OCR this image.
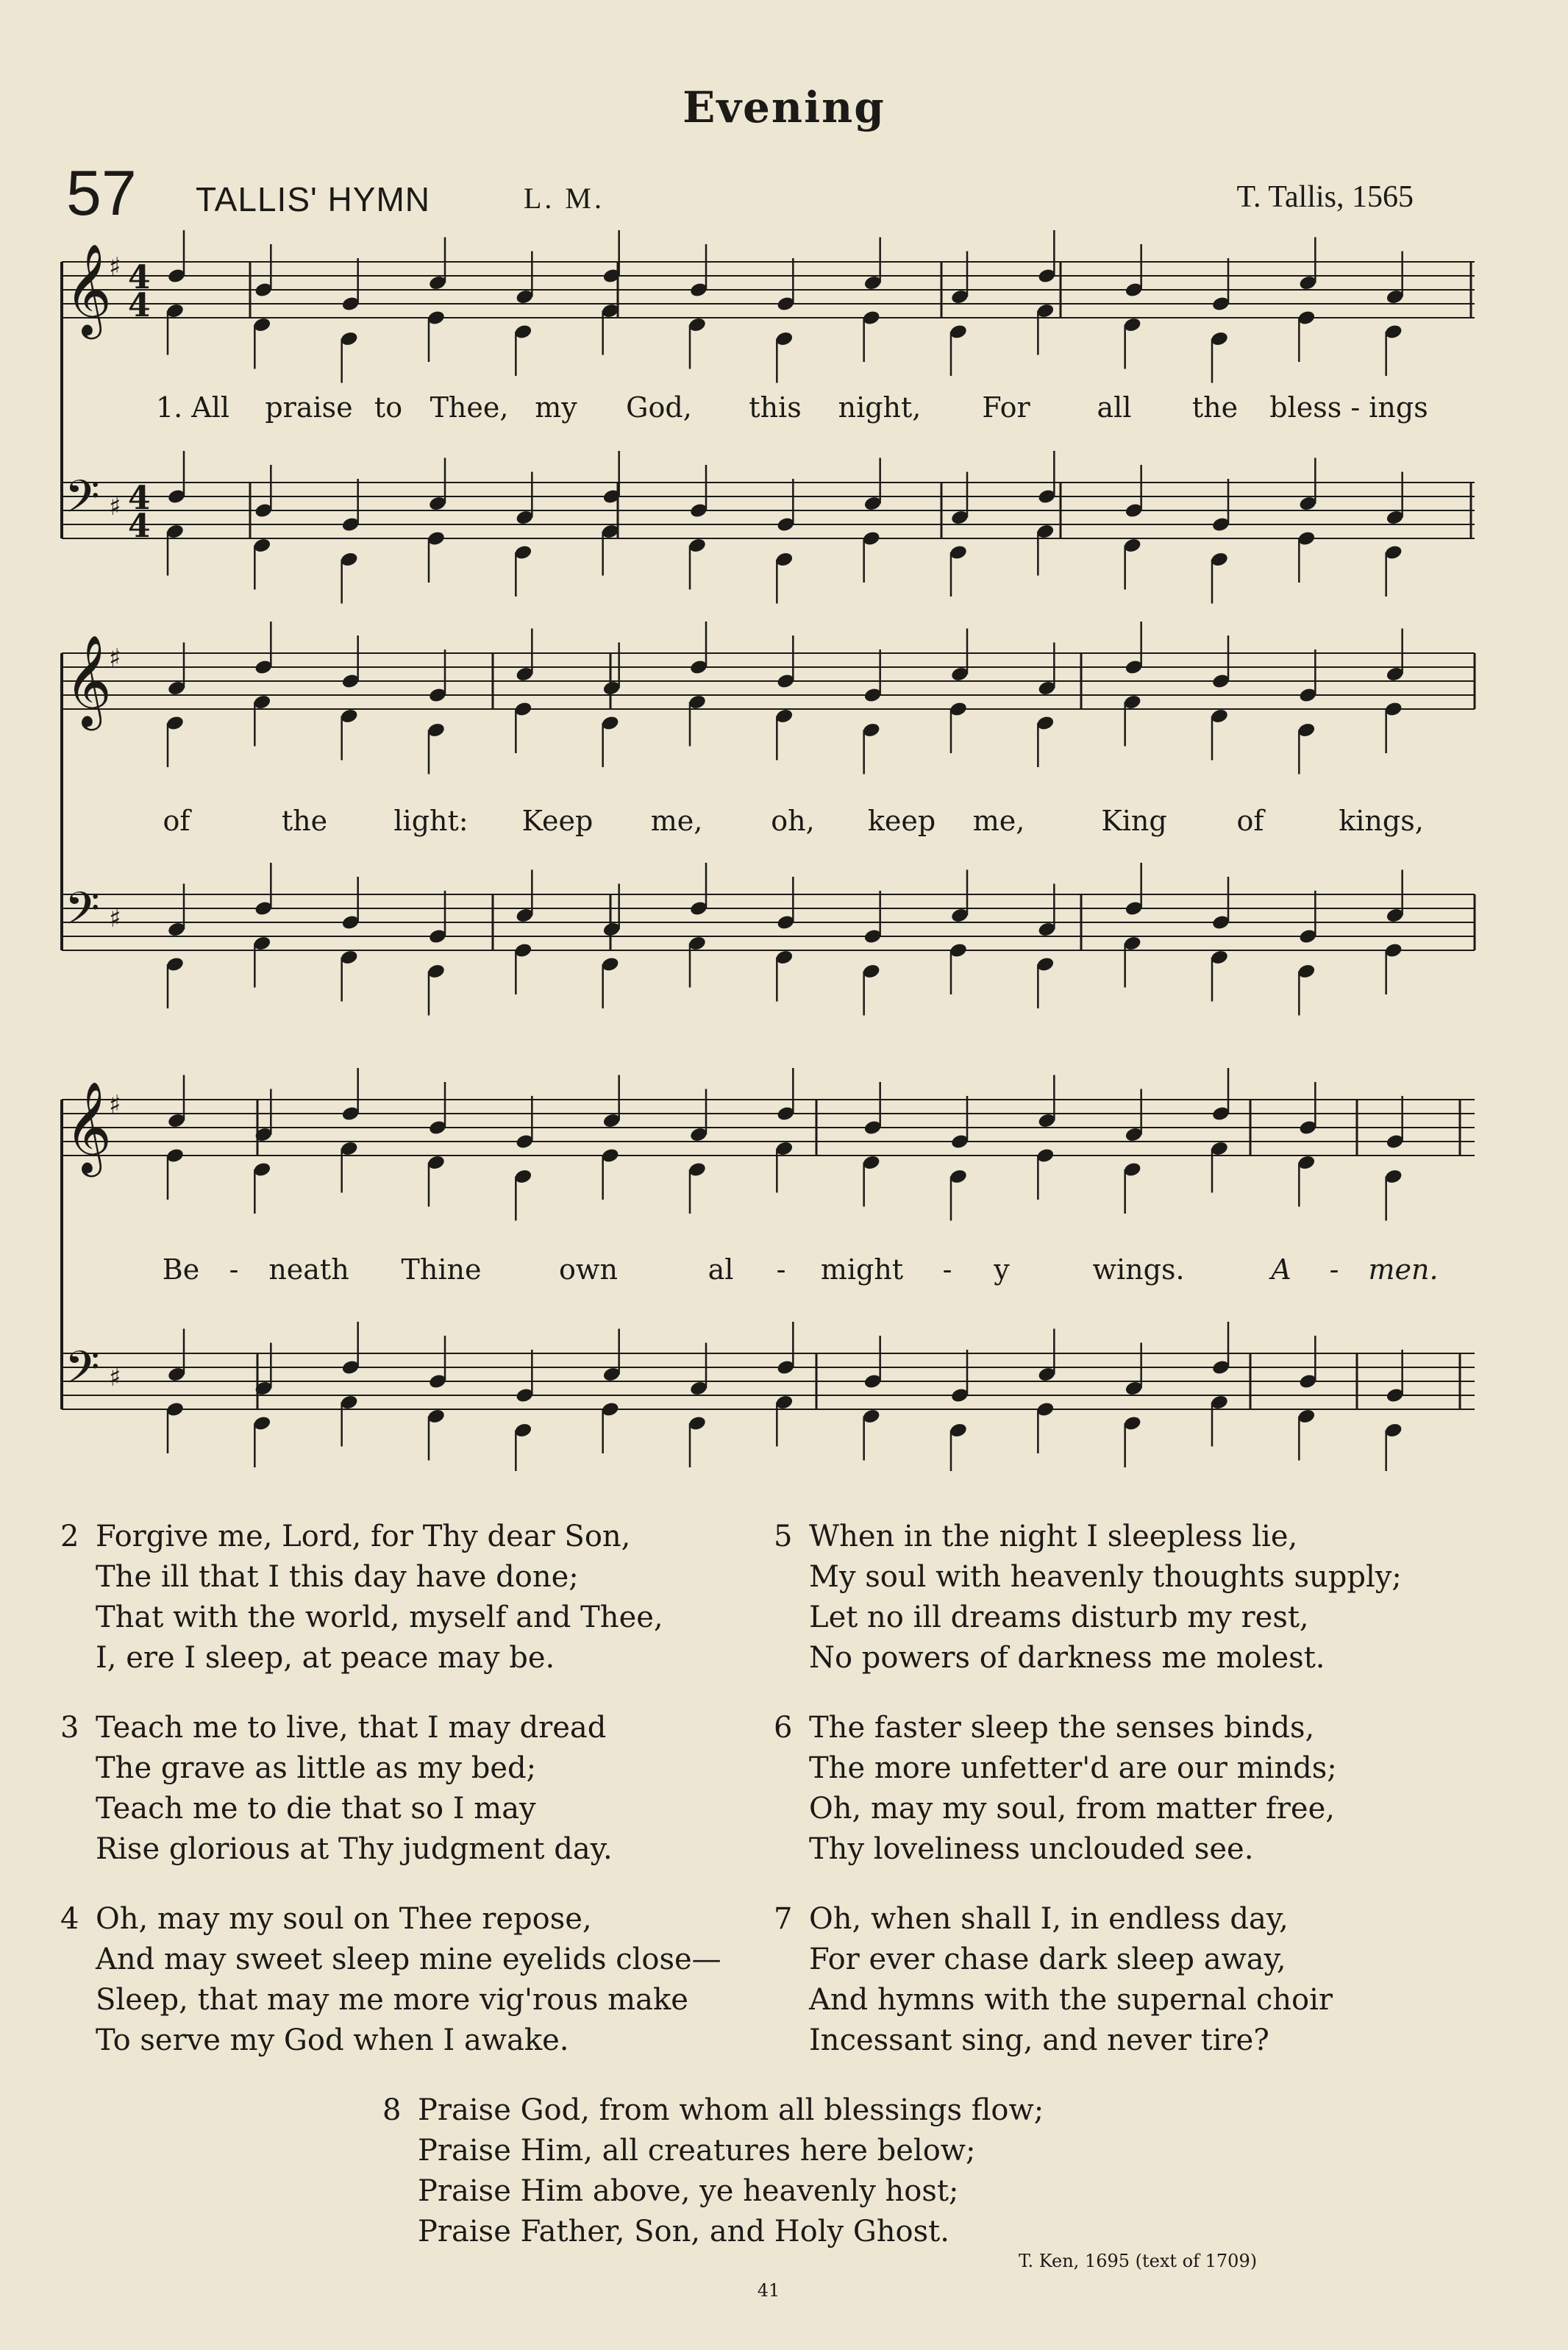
Evening
57 TALLIS' HYMN	L. M.	T. Tallis, 1565
𝄞
♯ 4
4
𝄢 ♯ 4
4
𝄞
♯
𝄢 ♯
𝄞
♯
𝄢 ♯
1. All praise to Thee, my God, this night, For all the bless - ings
of	the light: Keep me, oh, keep me,	King of	kings,
Be - neath Thine	own	al - might - y	wings.	A - men.
2 Forgive me, Lord, for Thy dear Son,
The ill that I this day have done;
That with the world, myself and Thee,
I, ere I sleep, at peace may be.
3 Teach me to live, that I may dread
The grave as little as my bed;
Teach me to die that so I may
Rise glorious at Thy judgment day.
4 Oh, may my soul on Thee repose,
And may sweet sleep mine eyelids close—
Sleep, that may me more vig'rous make
To serve my God when I awake.
5 When in the night I sleepless lie,
My soul with heavenly thoughts supply;
Let no ill dreams disturb my rest,
No powers of darkness me molest.
6 The faster sleep the senses binds,
The more unfetter'd are our minds;
Oh, may my soul, from matter free,
Thy loveliness unclouded see.
7 Oh, when shall I, in endless day,
For ever chase dark sleep away,
And hymns with the supernal choir
Incessant sing, and never tire?
8 Praise God, from whom all blessings flow;
Praise Him, all creatures here below;
Praise Him above, ye heavenly host;
Praise Father, Son, and Holy Ghost.
T. Ken, 1695 (text of 1709)
41
